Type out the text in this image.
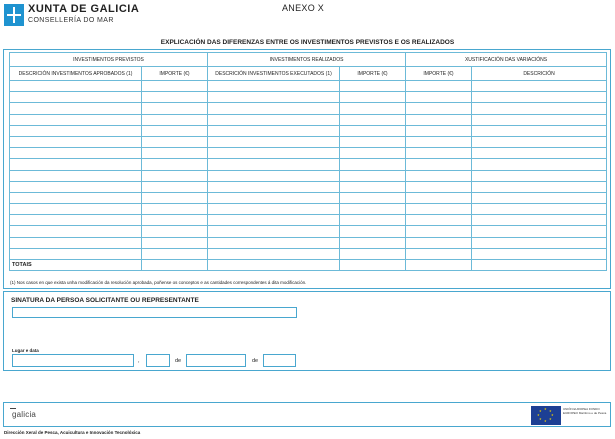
XUNTA DE GALICIA
CONSELLERÍA DO MAR
ANEXO X
EXPLICACIÓN DAS DIFERENZAS ENTRE OS INVESTIMENTOS PREVISTOS E OS REALIZADOS
INVESTIMENTOS PREVISTOS		INVESTIMENTOS REALIZADOS		XUSTIFICACIÓN DAS VARIACIÓNS	
DESCRICIÓN INVESTIMENTOS APROBADOS (1)	IMPORTE (€)	DESCRICIÓN INVESTIMENTOS EXECUTADOS (1)	IMPORTE (€)	IMPORTE (€)	DESCRICIÓN

TOTAIS					
(1) Nos casos en que exista unha modificación da resolución aprobada, poñense os conceptos e as cantidades correspondentes á dita modificación.
SINATURA DA PERSOA SOLICITANTE OU REPRESENTANTE
Lugar e data
,	de	de
galicia
★ ★
★
★
★
★
★
★	UNIÓN EUROPEA FONDO EUROPEO Marítimo e de Pesca
Dirección Xeral de Pesca, Acuicultura e Innovación Tecnolóxica
